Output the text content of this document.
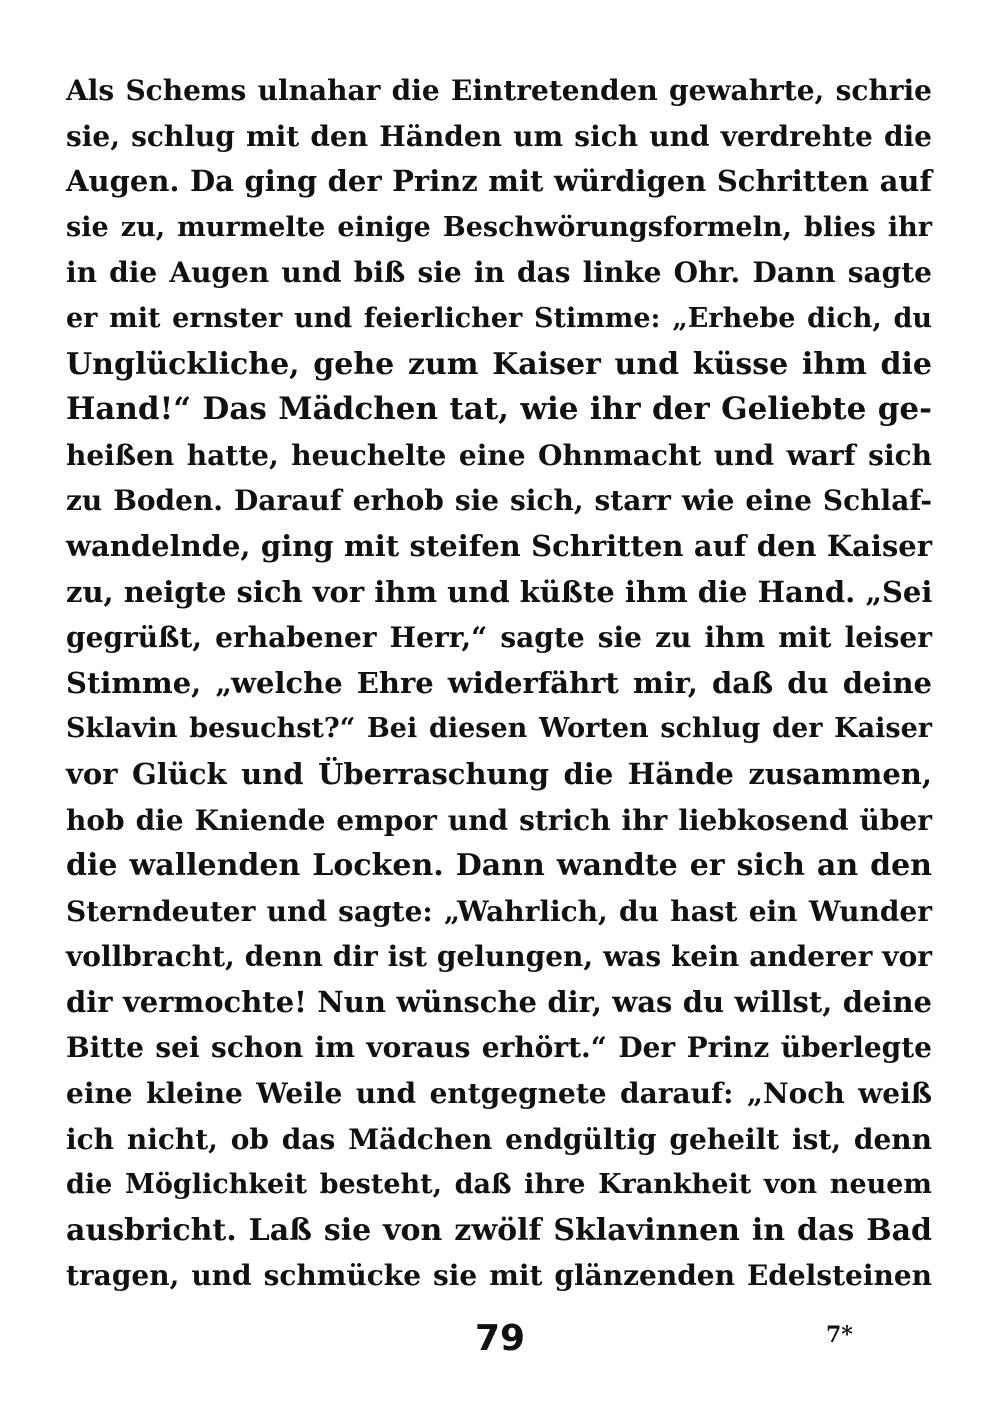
Als Schems ulnahar die Eintretenden gewahrte, schrie
sie, schlug mit den Händen um sich und verdrehte die
Augen. Da ging der Prinz mit würdigen Schritten auf
sie zu, murmelte einige Beschwörungsformeln, blies ihr
in die Augen und biß sie in das linke Ohr. Dann sagte
er mit ernster und feierlicher Stimme: „Erhebe dich, du
Unglückliche, gehe zum Kaiser und küsse ihm die
Hand!“ Das Mädchen tat, wie ihr der Geliebte ge-
heißen hatte, heuchelte eine Ohnmacht und warf sich
zu Boden. Darauf erhob sie sich, starr wie eine Schlaf-
wandelnde, ging mit steifen Schritten auf den Kaiser
zu, neigte sich vor ihm und küßte ihm die Hand. „Sei
gegrüßt, erhabener Herr,“ sagte sie zu ihm mit leiser
Stimme, „welche Ehre widerfährt mir, daß du deine
Sklavin besuchst?“ Bei diesen Worten schlug der Kaiser
vor Glück und Überraschung die Hände zusammen,
hob die Kniende empor und strich ihr liebkosend über
die wallenden Locken. Dann wandte er sich an den
Sterndeuter und sagte: „Wahrlich, du hast ein Wunder
vollbracht, denn dir ist gelungen, was kein anderer vor
dir vermochte! Nun wünsche dir, was du willst, deine
Bitte sei schon im voraus erhört.“ Der Prinz überlegte
eine kleine Weile und entgegnete darauf: „Noch weiß
ich nicht, ob das Mädchen endgültig geheilt ist, denn
die Möglichkeit besteht, daß ihre Krankheit von neuem
ausbricht. Laß sie von zwölf Sklavinnen in das Bad
tragen, und schmücke sie mit glänzenden Edelsteinen
79	7*
